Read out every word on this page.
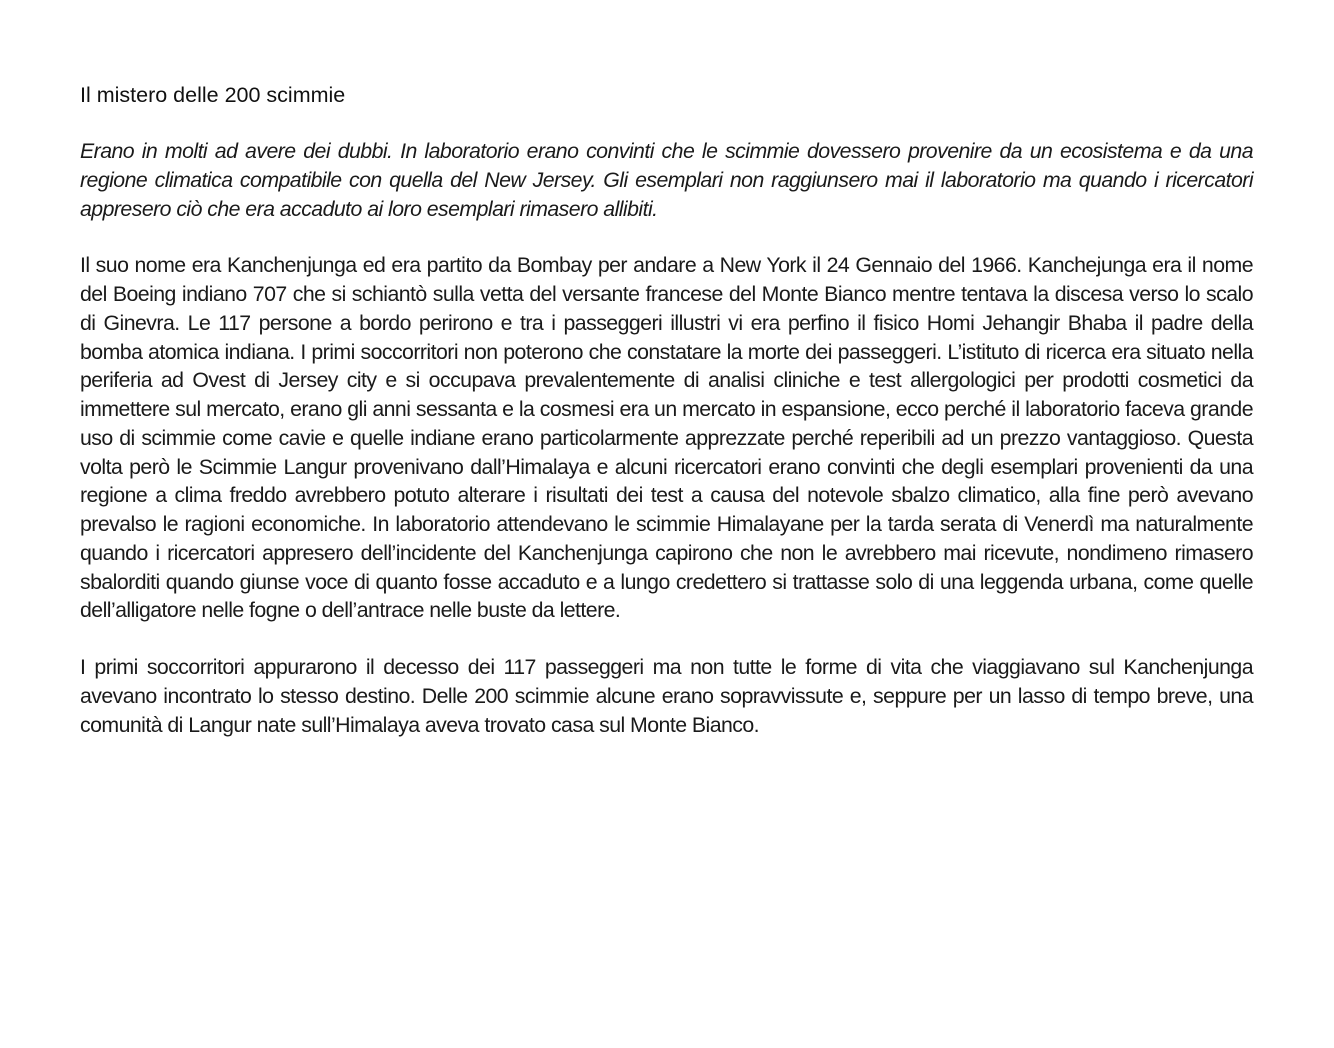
Il mistero delle 200 scimmie

Erano in molti ad avere dei dubbi. In laboratorio erano convinti che le scimmie dovessero provenire da un ecosistema e da una regione climatica compatibile con quella del New Jersey. Gli esemplari non raggiunsero mai il laboratorio ma quando i ricercatori appresero ciò che era accaduto ai loro esemplari rimasero allibiti.

Il suo nome era Kanchenjunga ed era partito da Bombay per andare a New York il 24 Gennaio del 1966. Kanchejunga era il nome del Boeing indiano 707 che si schiantò sulla vetta del versante francese del Monte Bianco mentre tentava la discesa verso lo scalo di Ginevra. Le 117 persone a bordo perirono e tra i passeggeri illustri vi era perfino il fisico Homi Jehangir Bhaba il padre della bomba atomica indiana. I primi soccorritori non poterono che constatare la morte dei passeggeri. L’istituto di ricerca era situato nella periferia ad Ovest di Jersey city e si occupava prevalentemente di analisi cliniche e test allergologici per prodotti cosmetici da immettere sul mercato, erano gli anni sessanta e la cosmesi era un mercato in espansione, ecco perché il laboratorio faceva grande uso di scimmie come cavie e quelle indiane erano particolarmente apprezzate perché reperibili ad un prezzo vantaggioso. Questa volta però le Scimmie Langur provenivano dall’Himalaya e alcuni ricercatori erano convinti che degli esemplari provenienti da una regione a clima freddo avrebbero potuto alterare i risultati dei test a causa del notevole sbalzo climatico, alla fine però avevano prevalso le ragioni economiche. In laboratorio attendevano le scimmie Himalayane per la tarda serata di Venerdì ma naturalmente quando i ricercatori appresero dell’incidente del Kanchenjunga capirono che non le avrebbero mai ricevute, nondimeno rimasero sbalorditi quando giunse voce di quanto fosse accaduto e a lungo credettero si trattasse solo di una leggenda urbana, come quelle dell’alligatore nelle fogne o dell’antrace nelle buste da lettere.

I primi soccorritori appurarono il decesso dei 117 passeggeri ma non tutte le forme di vita che viaggiavano sul Kanchenjunga avevano incontrato lo stesso destino. Delle 200 scimmie alcune erano sopravvissute e, seppure per un lasso di tempo breve, una comunità di Langur nate sull’Himalaya aveva trovato casa sul Monte Bianco.
